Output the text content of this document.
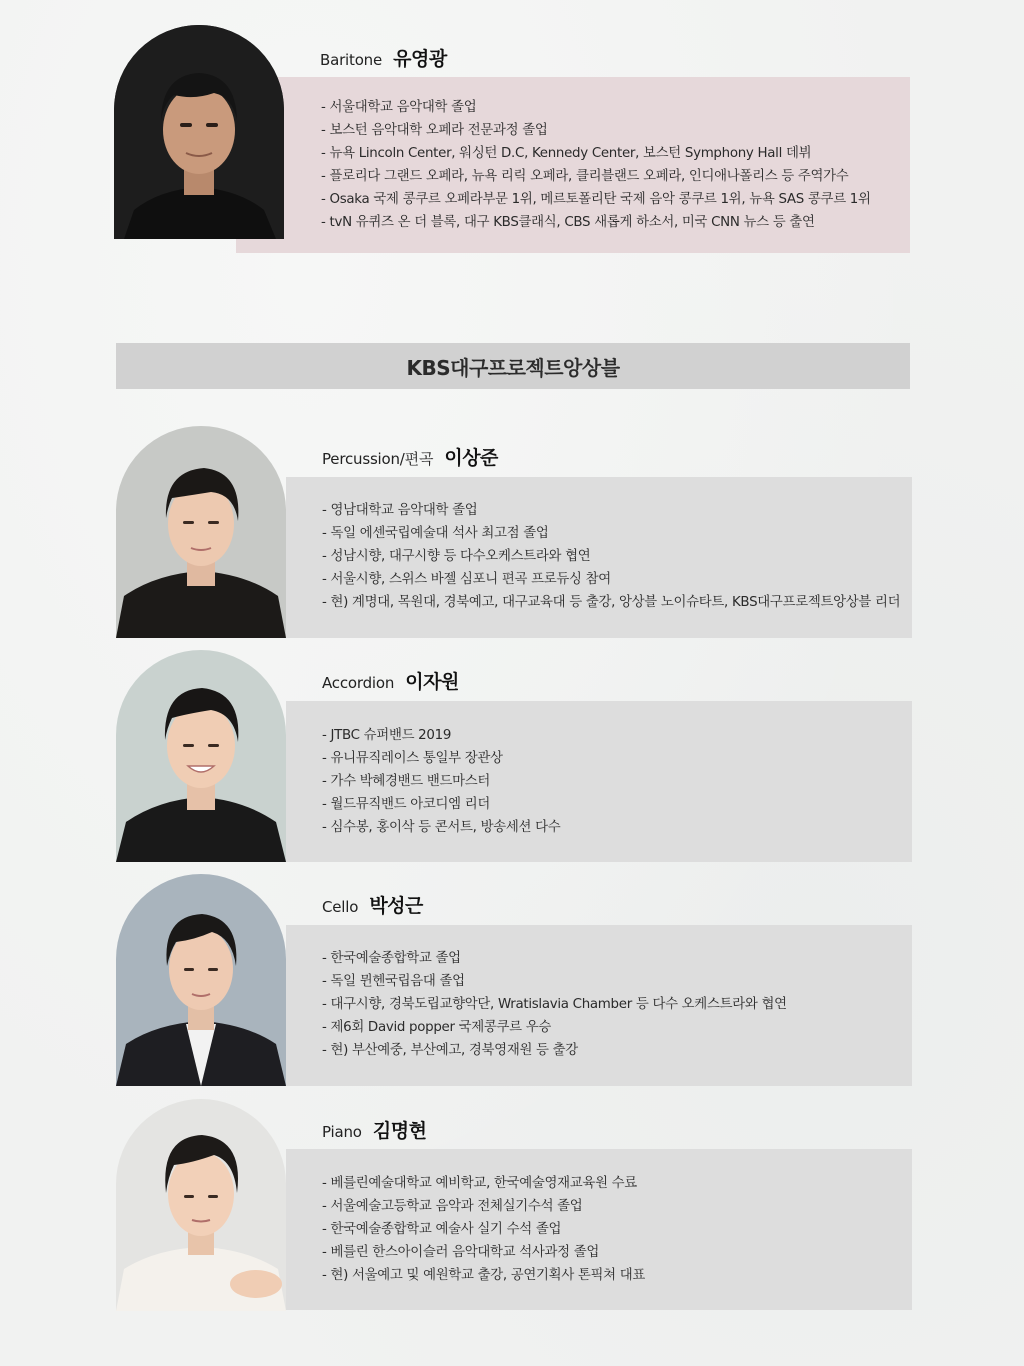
- 서울대학교 음악대학 졸업
- 보스턴 음악대학 오페라 전문과정 졸업
- 뉴욕 Lincoln Center, 워싱턴 D.C, Kennedy Center, 보스턴 Symphony Hall 데뷔
- 플로리다 그랜드 오페라, 뉴욕 리릭 오페라, 클리블랜드 오페라, 인디애나폴리스 등 주역가수
- Osaka 국제 콩쿠르 오페라부문 1위, 메르토폴리탄 국제 음악 콩쿠르 1위, 뉴욕 SAS 콩쿠르 1위
- tvN 유퀴즈 온 더 블록, 대구 KBS클래식, CBS 새롭게 하소서, 미국 CNN 뉴스 등 출연
Baritone 유영광
KBS대구프로젝트앙상블
- 영남대학교 음악대학 졸업
- 독일 에센국립예술대 석사 최고점 졸업
- 성남시향, 대구시향 등 다수오케스트라와 협연
- 서울시향, 스위스 바젤 심포니 편곡 프로듀싱 참여
- 현) 계명대, 목원대, 경북예고, 대구교육대 등 출강, 앙상블 노이슈타트, KBS대구프로젝트앙상블 리더
Percussion/편곡 이상준
- JTBC 슈퍼밴드 2019
- 유니뮤직레이스 통일부 장관상
- 가수 박혜경밴드 밴드마스터
- 월드뮤직밴드 아코디엠 리더
- 심수봉, 홍이삭 등 콘서트, 방송세션 다수
Accordion 이자원
- 한국예술종합학교 졸업
- 독일 뮌헨국립음대 졸업
- 대구시향, 경북도립교향악단, Wratislavia Chamber 등 다수 오케스트라와 협연
- 제6회 David popper 국제콩쿠르 우승
- 현) 부산예중, 부산예고, 경북영재원 등 출강
Cello 박성근
- 베를린예술대학교 예비학교, 한국예술영재교육원 수료
- 서울예술고등학교 음악과 전체실기수석 졸업
- 한국예술종합학교 예술사 실기 수석 졸업
- 베를린 한스아이슬러 음악대학교 석사과정 졸업
- 현) 서울예고 및 예원학교 출강, 공연기획사 톤픽쳐 대표
Piano 김명현
